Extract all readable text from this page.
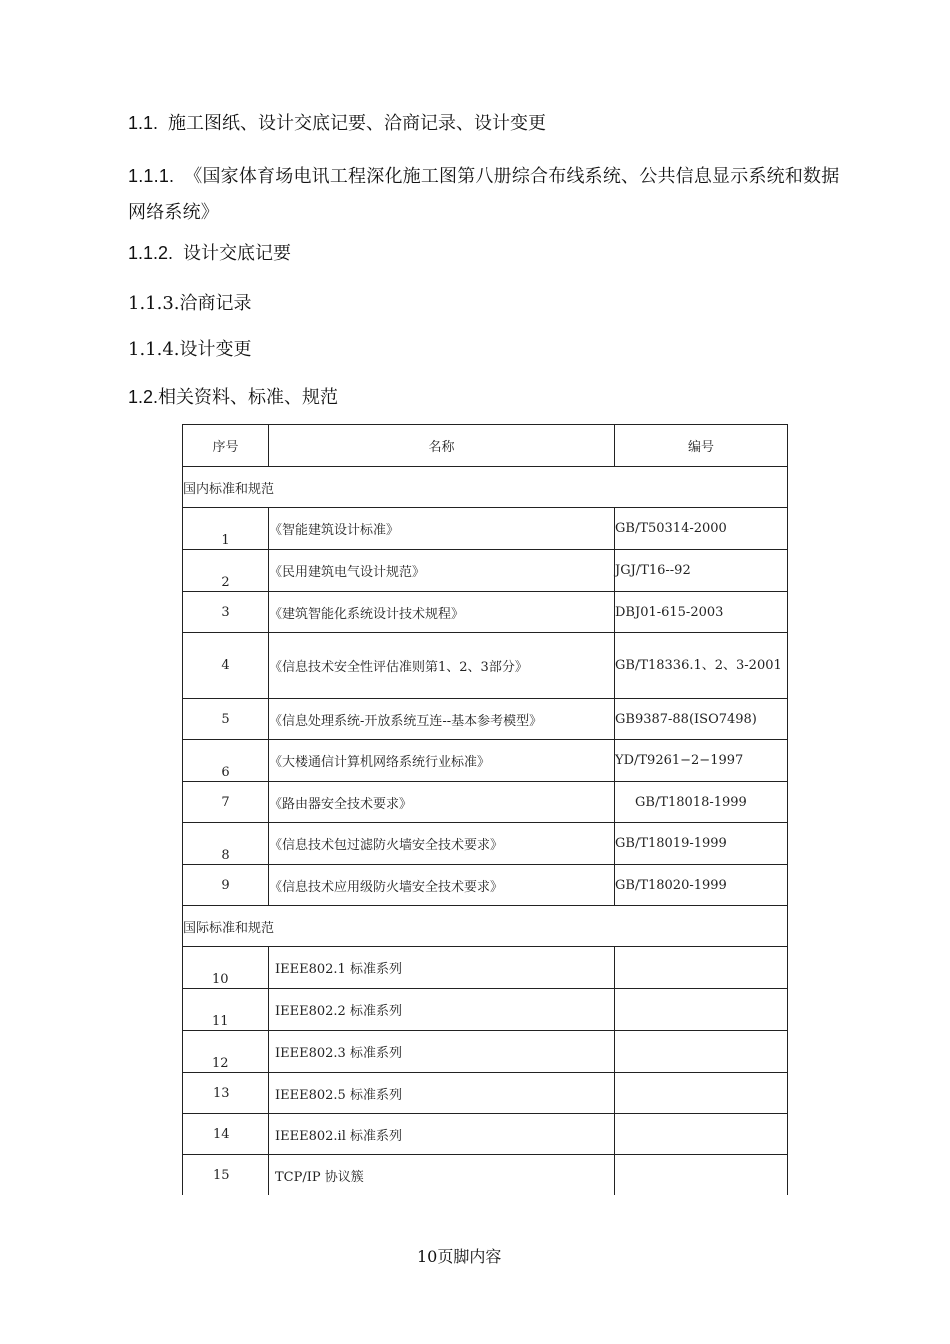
1.1. 施工图纸、设计交底记要、洽商记录、设计变更
1.1.1. 《国家体育场电讯工程深化施工图第八册综合布线系统、公共信息显示系统和数据网络系统》
1.1.2. 设计交底记要
1.1.3.洽商记录
1.1.4.设计变更
1.2.相关资料、标准、规范
序号	名称	编号
国内标准和规范		
1	《智能建筑设计标准》	GB/T50314-2000
2	《民用建筑电气设计规范》	JGJ/T16--92
3	《建筑智能化系统设计技术规程》	DBJ01-615-2003
4	《信息技术安全性评估准则第1、2、3部分》	GB/T18336.1、2、3-2001
5	《信息处理系统-开放系统互连--基本参考模型》	GB9387-88(ISO7498)
6	《大楼通信计算机网络系统行业标准》	YD/T9261−2−1997
7	《路由器安全技术要求》	GB/T18018-1999
8	《信息技术包过滤防火墙安全技术要求》	GB/T18019-1999
9	《信息技术应用级防火墙安全技术要求》	GB/T18020-1999
国际标准和规范		
10	IEEE802.1 标准系列	
11	IEEE802.2 标准系列	
12	IEEE802.3 标准系列	
13	IEEE802.5 标准系列	
14	IEEE802.il 标准系列	
15	TCP/IP 协议簇	
10页脚内容
